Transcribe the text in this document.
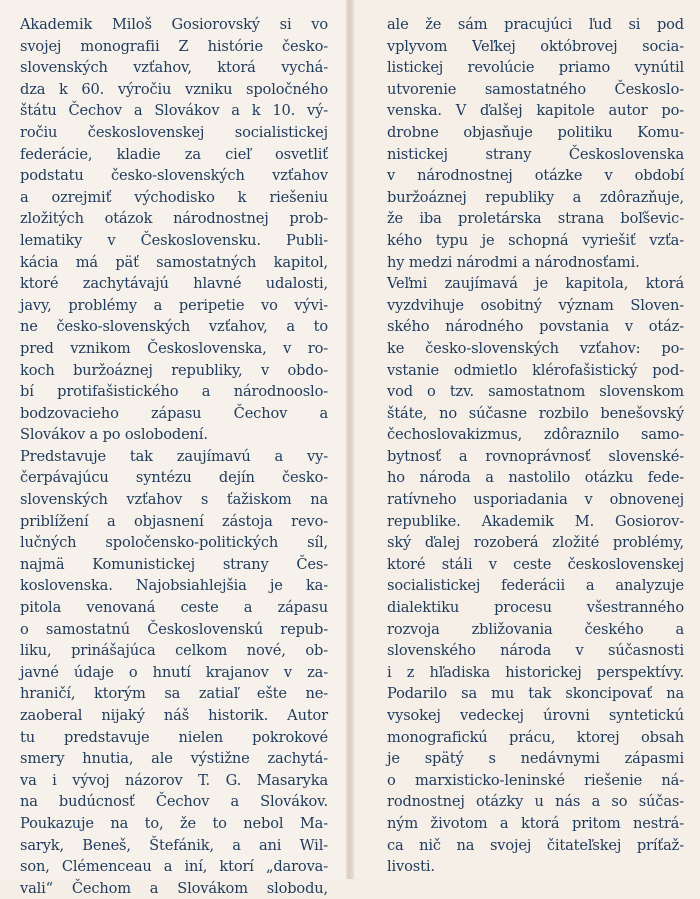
Akademik Miloš Gosiorovský si vo
svojej monografii Z histórie česko-
slovenských vzťahov, ktorá vychá-
dza k 60. výročiu vzniku spoločného
štátu Čechov a Slovákov a k 10. vý-
ročiu československej socialistickej
federácie, kladie za cieľ osvetliť
podstatu česko-slovenských vzťahov
a ozrejmiť východisko k riešeniu
zložitých otázok národnostnej prob-
lematiky v Československu. Publi-
kácia má päť samostatných kapitol,
ktoré zachytávajú hlavné udalosti,
javy, problémy a peripetie vo vývi-
ne česko-slovenských vzťahov, a to
pred vznikom Československa, v ro-
koch buržoáznej republiky, v obdo-
bí protifašistického a národnooslo-
bodzovacieho zápasu Čechov a
Slovákov a po oslobodení.
Predstavuje tak zaujímavú a vy-
čerpávajúcu syntézu dejín česko-
slovenských vzťahov s ťažiskom na
priblížení a objasnení zástoja revo-
lučných spoločensko-politických síl,
najmä Komunistickej strany Čes-
koslovenska. Najobsiahlejšia je ka-
pitola venovaná ceste a zápasu
o samostatnú Československú repub-
liku, prinášajúca celkom nové, ob-
javné údaje o hnutí krajanov v za-
hraničí, ktorým sa zatiaľ ešte ne-
zaoberal nijaký náš historik. Autor
tu predstavuje nielen pokrokové
smery hnutia, ale výstižne zachytá-
va i vývoj názorov T. G. Masaryka
na budúcnosť Čechov a Slovákov.
Poukazuje na to, že to nebol Ma-
saryk, Beneš, Štefánik, a ani Wil-
son, Clémenceau a iní, ktorí „darova-
vali“ Čechom a Slovákom slobodu,
ale že sám pracujúci ľud si pod
vplyvom Veľkej októbrovej socia-
listickej revolúcie priamo vynútil
utvorenie samostatného Českoslo-
venska. V ďalšej kapitole autor po-
drobne objasňuje politiku Komu-
nistickej strany Československa
v národnostnej otázke v období
buržoáznej republiky a zdôrazňuje,
že iba proletárska strana boľševic-
kého typu je schopná vyriešiť vzťa-
hy medzi národmi a národnosťami.
Veľmi zaujímavá je kapitola, ktorá
vyzdvihuje osobitný význam Sloven-
ského národného povstania v otáz-
ke česko-slovenských vzťahov: po-
vstanie odmietlo klérofašistický pod-
vod o tzv. samostatnom slovenskom
štáte, no súčasne rozbilo benešovský
čechoslovakizmus, zdôraznilo samo-
bytnosť a rovnoprávnosť slovenské-
ho národa a nastolilo otázku fede-
ratívneho usporiadania v obnovenej
republike. Akademik M. Gosiorov-
ský ďalej rozoberá zložité problémy,
ktoré stáli v ceste československej
socialistickej federácii a analyzuje
dialektiku procesu všestranného
rozvoja zbližovania českého a
slovenského národa v súčasnosti
i z hľadiska historickej perspektívy.
Podarilo sa mu tak skoncipovať na
vysokej vedeckej úrovni syntetickú
monografickú prácu, ktorej obsah
je spätý s nedávnymi zápasmi
o marxisticko-leninské riešenie ná-
rodnostnej otázky u nás a so súčas-
ným životom a ktorá pritom nestrá-
ca nič na svojej čitateľskej príťaž-
livosti.
